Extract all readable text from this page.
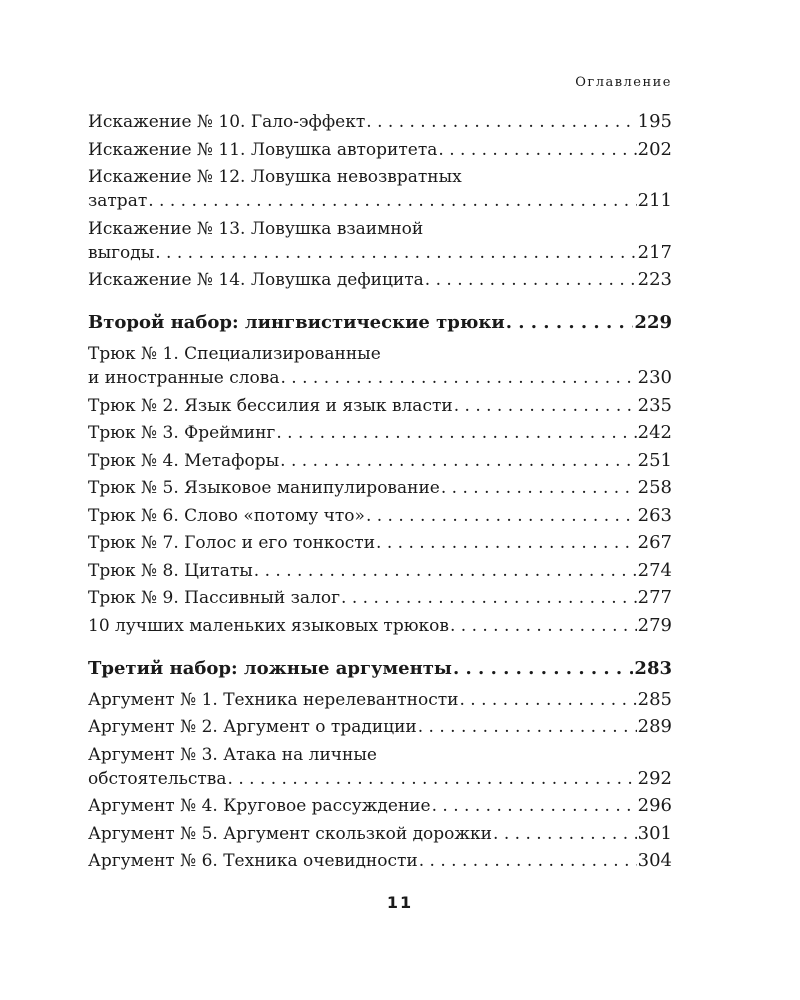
Оглавление
Искажение № 10. Гало-эффект . . .	195
Искажение № 11. Ловушка авторитета . . .	202
Искажение № 12. Ловушка невозвратных
затрат . . .	211
Искажение № 13. Ловушка взаимной
выгоды . . .	217
Искажение № 14. Ловушка дефицита . . .	223
Второй набор: лингвистические трюки . . .	229
Трюк № 1. Специализированные
и иностранные слова . . .	230
Трюк № 2. Язык бессилия и язык власти . . .	235
Трюк № 3. Фрейминг . . .	242
Трюк № 4. Метафоры . . .	251
Трюк № 5. Языковое манипулирование . . .	258
Трюк № 6. Слово «потому что» . . .	263
Трюк № 7. Голос и его тонкости . . .	267
Трюк № 8. Цитаты . . .	274
Трюк № 9. Пассивный залог . . .	277
10 лучших маленьких языковых трюков . . .	279
Третий набор: ложные аргументы . . .	283
Аргумент № 1. Техника нерелевантности . . .	285
Аргумент № 2. Аргумент о традиции . . .	289
Аргумент № 3. Атака на личные
обстоятельства . . .	292
Аргумент № 4. Круговое рассуждение . . .	296
Аргумент № 5. Аргумент скользкой дорожки . . .	301
Аргумент № 6. Техника очевидности . . .	304
11
